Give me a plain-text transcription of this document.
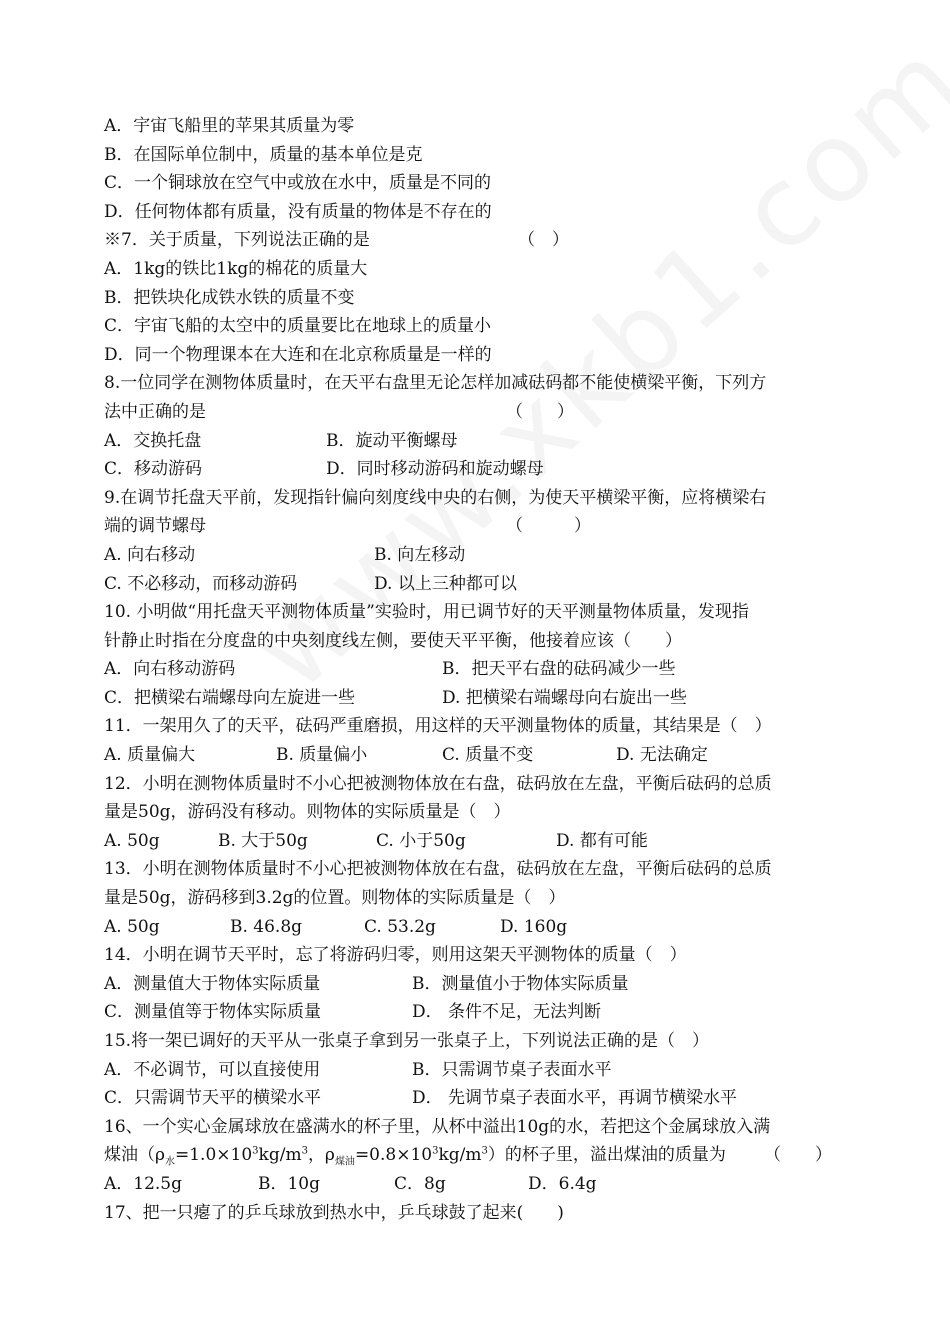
A．宇宙飞船里的苹果其质量为零
B．在国际单位制中，质量的基本单位是克
C．一个铜球放在空气中或放在水中，质量是不同的
D．任何物体都有质量，没有质量的物体是不存在的
※7．关于质量，下列说法正确的是	（　）
A．1kg的铁比1kg的棉花的质量大
B．把铁块化成铁水铁的质量不变
C．宇宙飞船的太空中的质量要比在地球上的质量小
D．同一个物理课本在大连和在北京称质量是一样的
8.一位同学在测物体质量时，在天平右盘里无论怎样加减砝码都不能使横梁平衡，下列方
法中正确的是	（　　）
A．交换托盘	B．旋动平衡螺母
C．移动游码	D．同时移动游码和旋动螺母
9.在调节托盘天平前，发现指针偏向刻度线中央的右侧，为使天平横梁平衡，应将横梁右
端的调节螺母	（　　　）
A. 向右移动	B. 向左移动
C. 不必移动，而移动游码	D. 以上三种都可以
10. 小明做“用托盘天平测物体质量”实验时，用已调节好的天平测量物体质量，发现指
针静止时指在分度盘的中央刻度线左侧，要使天平平衡，他接着应该（　　）
A．向右移动游码	B．把天平右盘的砝码减少一些
C．把横梁右端螺母向左旋进一些	D. 把横梁右端螺母向右旋出一些
11．一架用久了的天平，砝码严重磨损，用这样的天平测量物体的质量，其结果是（　）
A. 质量偏大	B. 质量偏小	C. 质量不变	D. 无法确定
12．小明在测物体质量时不小心把被测物体放在右盘，砝码放在左盘，平衡后砝码的总质
量是50g，游码没有移动。则物体的实际质量是（　）
A. 50g	B. 大于50g	C. 小于50g	D. 都有可能
13．小明在测物体质量时不小心把被测物体放在右盘，砝码放在左盘，平衡后砝码的总质
量是50g，游码移到3.2g的位置。则物体的实际质量是（　）
A. 50g	B. 46.8g	C. 53.2g	D. 160g
14．小明在调节天平时，忘了将游码归零，则用这架天平测物体的质量（　）
A．测量值大于物体实际质量	B．测量值小于物体实际质量
C．测量值等于物体实际质量	D． 条件不足，无法判断
15.将一架已调好的天平从一张桌子拿到另一张桌子上，下列说法正确的是（　）
A．不必调节，可以直接使用	B．只需调节桌子表面水平
C．只需调节天平的横梁水平	D． 先调节桌子表面水平，再调节横梁水平
16、一个实心金属球放在盛满水的杯子里，从杯中溢出10g的水，若把这个金属球放入满
煤油（$\rho_水=1.0\times 10^3kg/m^3$，$\rho_{煤油}=0.8\times 10^3kg/m^3$）的杯子里，溢出煤油的质量为 （　　）
A．12.5g	B．10g	C．8g	D．6.4g
17、把一只瘪了的乒乓球放到热水中，乒乓球鼓了起来(　　)
